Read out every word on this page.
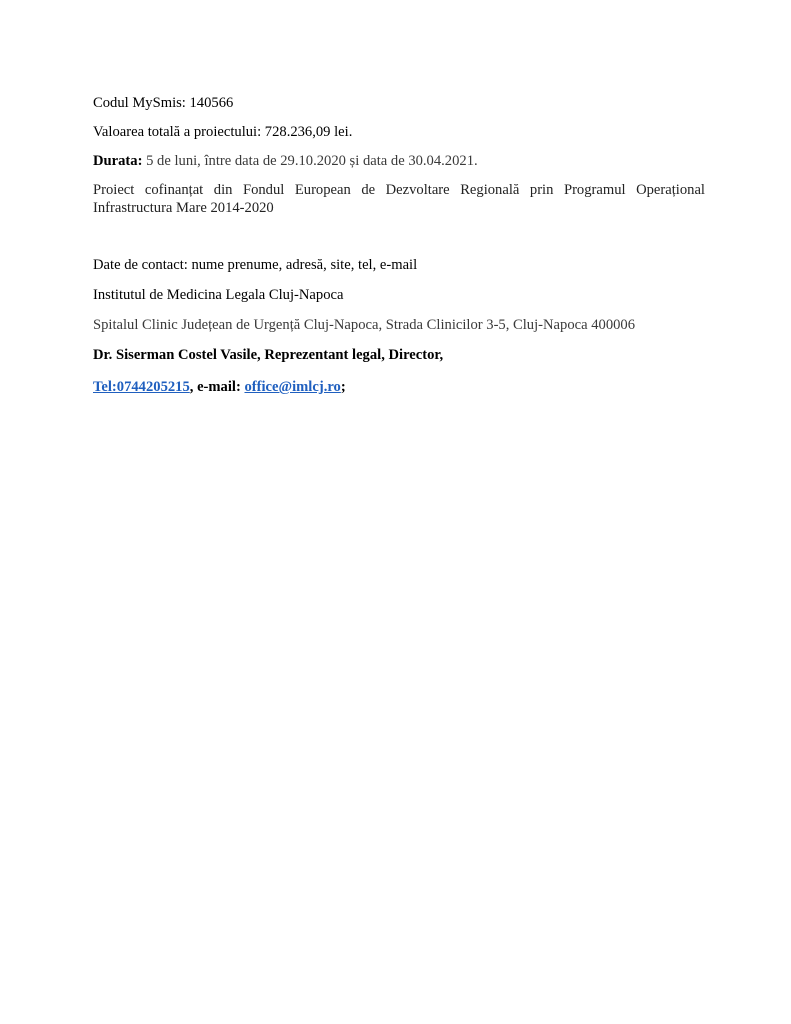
Codul MySmis: 140566
Valoarea totală a proiectului: 728.236,09 lei.
Durata: 5 de luni, între data de 29.10.2020 și data de 30.04.2021.
Proiect cofinanțat din Fondul European de Dezvoltare Regională prin Programul Operațional
Infrastructura Mare 2014-2020
Date de contact: nume prenume, adresă, site, tel, e-mail
Institutul de Medicina Legala Cluj-Napoca
Spitalul Clinic Județean de Urgență Cluj-Napoca, Strada Clinicilor 3-5, Cluj-Napoca 400006
Dr. Siserman Costel Vasile, Reprezentant legal, Director,
Tel:0744205215, e-mail: office@imlcj.ro;
